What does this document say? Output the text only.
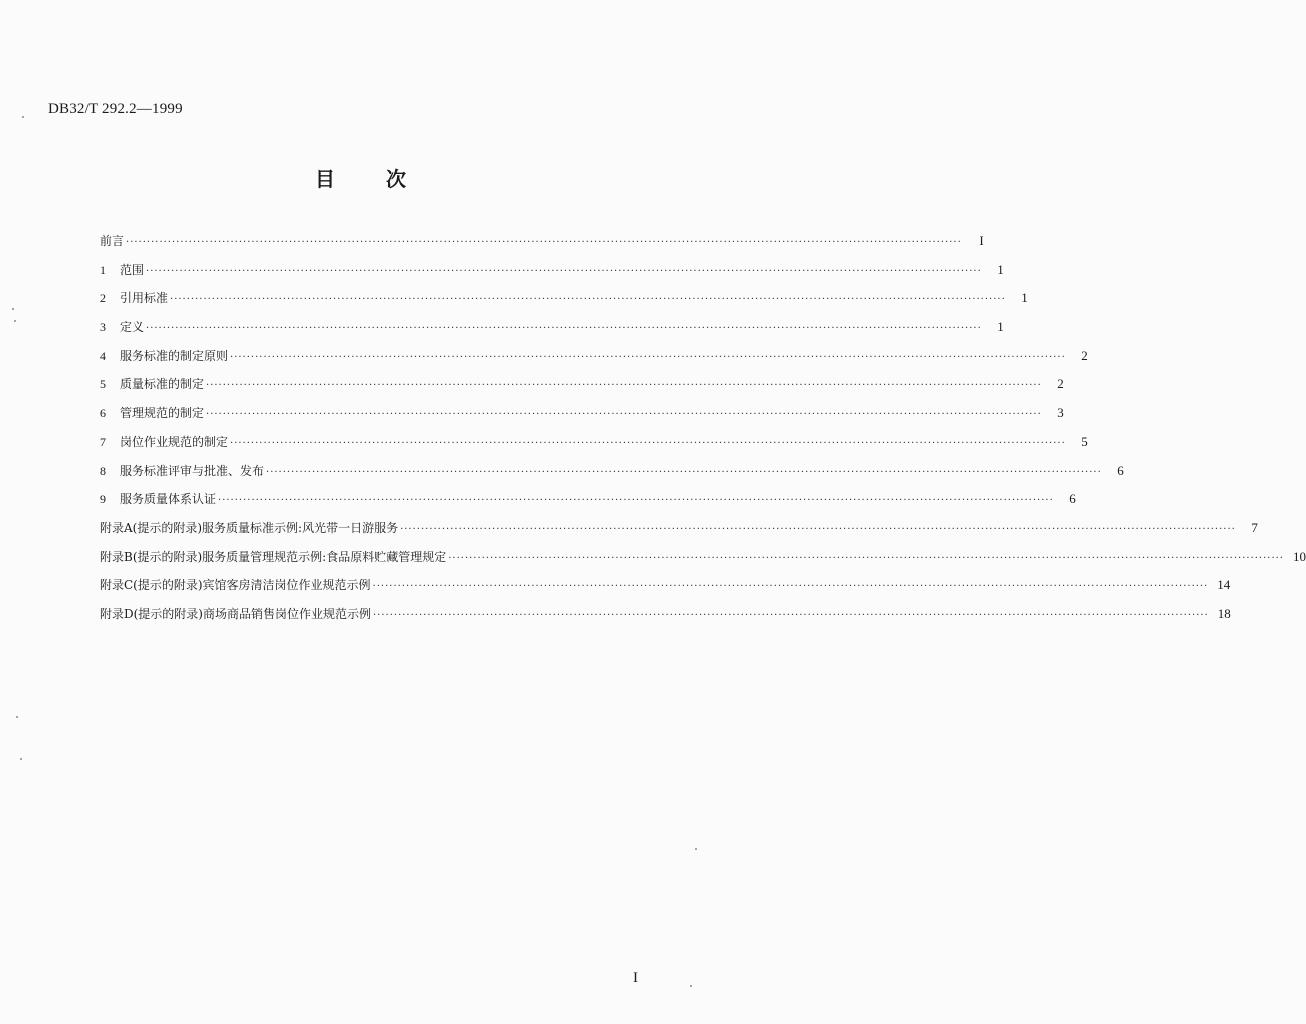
DB32/T 292.2—1999
目 次
前言 ········································································································································································································	I
1	范围 ········································································································································································································	1
2	引用标准 ········································································································································································································	1
3	定义 ········································································································································································································	1
4	服务标准的制定原则 ········································································································································································································	2
5	质量标准的制定 ········································································································································································································	2
6	管理规范的制定 ········································································································································································································	3
7	岗位作业规范的制定 ········································································································································································································	5
8	服务标准评审与批准、发布 ········································································································································································································	6
9	服务质量体系认证 ········································································································································································································	6
附录A(提示的附录)服务质量标准示例:风光带一日游服务 ········································································································································································································	7
附录B(提示的附录)服务质量管理规范示例:食品原料贮藏管理规定 ········································································································································································································ 10
附录C(提示的附录)宾馆客房清洁岗位作业规范示例 ········································································································································································································ 14
附录D(提示的附录)商场商品销售岗位作业规范示例 ········································································································································································································ 18
I
